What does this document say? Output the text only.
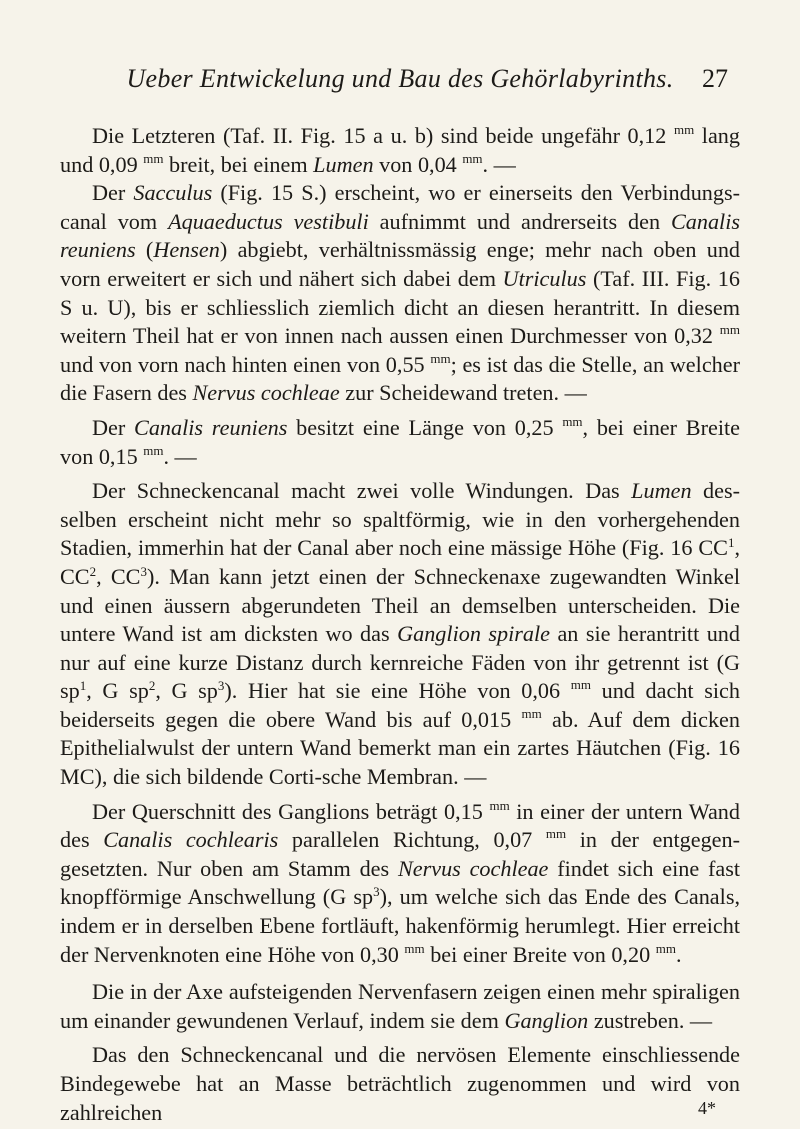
Ueber Entwickelung und Bau des Gehörlabyrinths.	27

Die Letzteren (Taf. II. Fig. 15 a u. b) sind beide ungefähr 0,12 $^{mm}$ lang und 0,09 $^{mm}$ breit, bei einem Lumen von 0,04 $^{mm}$. —

Der Sacculus (Fig. 15 S.) erscheint, wo er einerseits den Verbindungs-canal vom Aquaeductus vestibuli aufnimmt und andrerseits den Canalis reuniens (Hensen) abgiebt, verhältnissmässig enge; mehr nach oben und vorn erweitert er sich und nähert sich dabei dem Utriculus (Taf. III. Fig. 16 S u. U), bis er schliesslich ziemlich dicht an diesen herantritt. In diesem weitern Theil hat er von innen nach aussen einen Durchmesser von 0,32 $^{mm}$ und von vorn nach hinten einen von 0,55 $^{mm}$; es ist das die Stelle, an welcher die Fasern des Nervus cochleae zur Scheidewand treten. —

Der Canalis reuniens besitzt eine Länge von 0,25 $^{mm}$, bei einer Breite von 0,15 $^{mm}$. —

Der Schneckencanal macht zwei volle Windungen. Das Lumen des-selben erscheint nicht mehr so spaltförmig, wie in den vorhergehenden Stadien, immerhin hat der Canal aber noch eine mässige Höhe (Fig. 16 $CC^1$, $CC^2$, $CC^3$). Man kann jetzt einen der Schneckenaxe zugewandten Winkel und einen äussern abgerundeten Theil an demselben unterscheiden. Die untere Wand ist am dicksten wo das Ganglion spirale an sie herantritt und nur auf eine kurze Distanz durch kernreiche Fäden von ihr getrennt ist (G $sp^1$, G $sp^2$, G $sp^3$). Hier hat sie eine Höhe von 0,06 $^{mm}$ und dacht sich beiderseits gegen die obere Wand bis auf 0,015 $^{mm}$ ab. Auf dem dicken Epithelialwulst der untern Wand bemerkt man ein zartes Häutchen (Fig. 16 MC), die sich bildende Corti-sche Membran. —

Der Querschnitt des Ganglions beträgt 0,15 $^{mm}$ in einer der untern Wand des Canalis cochlearis parallelen Richtung, 0,07 $^{mm}$ in der entgegen-gesetzten. Nur oben am Stamm des Nervus cochleae findet sich eine fast knopfförmige Anschwellung (G $sp^3$), um welche sich das Ende des Canals, indem er in derselben Ebene fortläuft, hakenförmig herumlegt. Hier erreicht der Nervenknoten eine Höhe von 0,30 $^{mm}$ bei einer Breite von 0,20 $^{mm}$.

Die in der Axe aufsteigenden Nervenfasern zeigen einen mehr spiraligen um einander gewundenen Verlauf, indem sie dem Ganglion zustreben. —

Das den Schneckencanal und die nervösen Elemente einschliessende Bindegewebe hat an Masse beträchtlich zugenommen und wird von zahlreichen	4*
